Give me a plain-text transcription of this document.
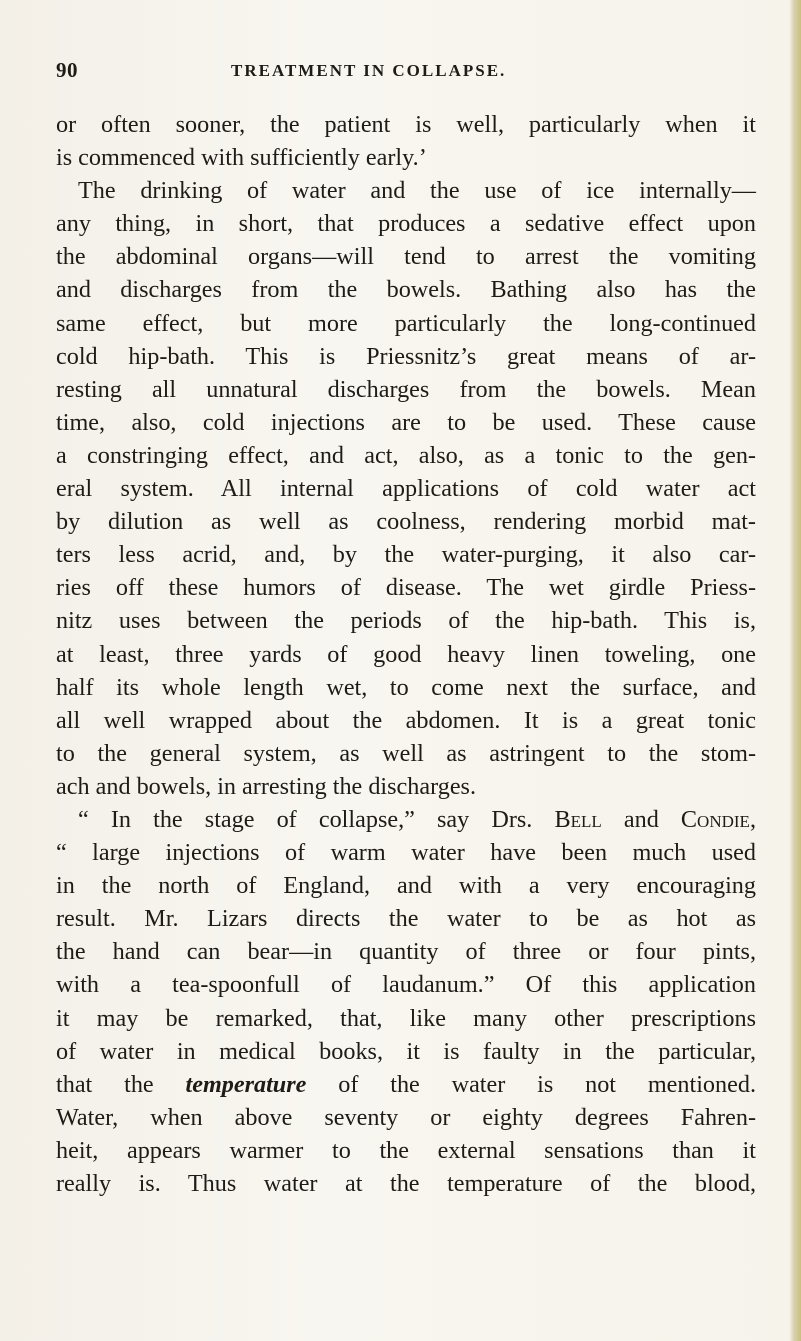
90	TREATMENT IN COLLAPSE.
or often sooner, the patient is well, particularly when it
is commenced with sufficiently early.’
The drinking of water and the use of ice internally—
any thing, in short, that produces a sedative effect upon
the abdominal organs—will tend to arrest the vomiting
and discharges from the bowels. Bathing also has the
same effect, but more particularly the long-continued
cold hip-bath. This is Priessnitz’s great means of ar-
resting all unnatural discharges from the bowels. Mean
time, also, cold injections are to be used. These cause
a constringing effect, and act, also, as a tonic to the gen-
eral system. All internal applications of cold water act
by dilution as well as coolness, rendering morbid mat-
ters less acrid, and, by the water-purging, it also car-
ries off these humors of disease. The wet girdle Priess-
nitz uses between the periods of the hip-bath. This is,
at least, three yards of good heavy linen toweling, one
half its whole length wet, to come next the surface, and
all well wrapped about the abdomen. It is a great tonic
to the general system, as well as astringent to the stom-
ach and bowels, in arresting the discharges.
“ In the stage of collapse,” say Drs. Bell and Condie,
“ large injections of warm water have been much used
in the north of England, and with a very encouraging
result. Mr. Lizars directs the water to be as hot as
the hand can bear—in quantity of three or four pints,
with a tea-spoonfull of laudanum.” Of this application
it may be remarked, that, like many other prescriptions
of water in medical books, it is faulty in the particular,
that the temperature of the water is not mentioned.
Water, when above seventy or eighty degrees Fahren-
heit, appears warmer to the external sensations than it
really is. Thus water at the temperature of the blood,
